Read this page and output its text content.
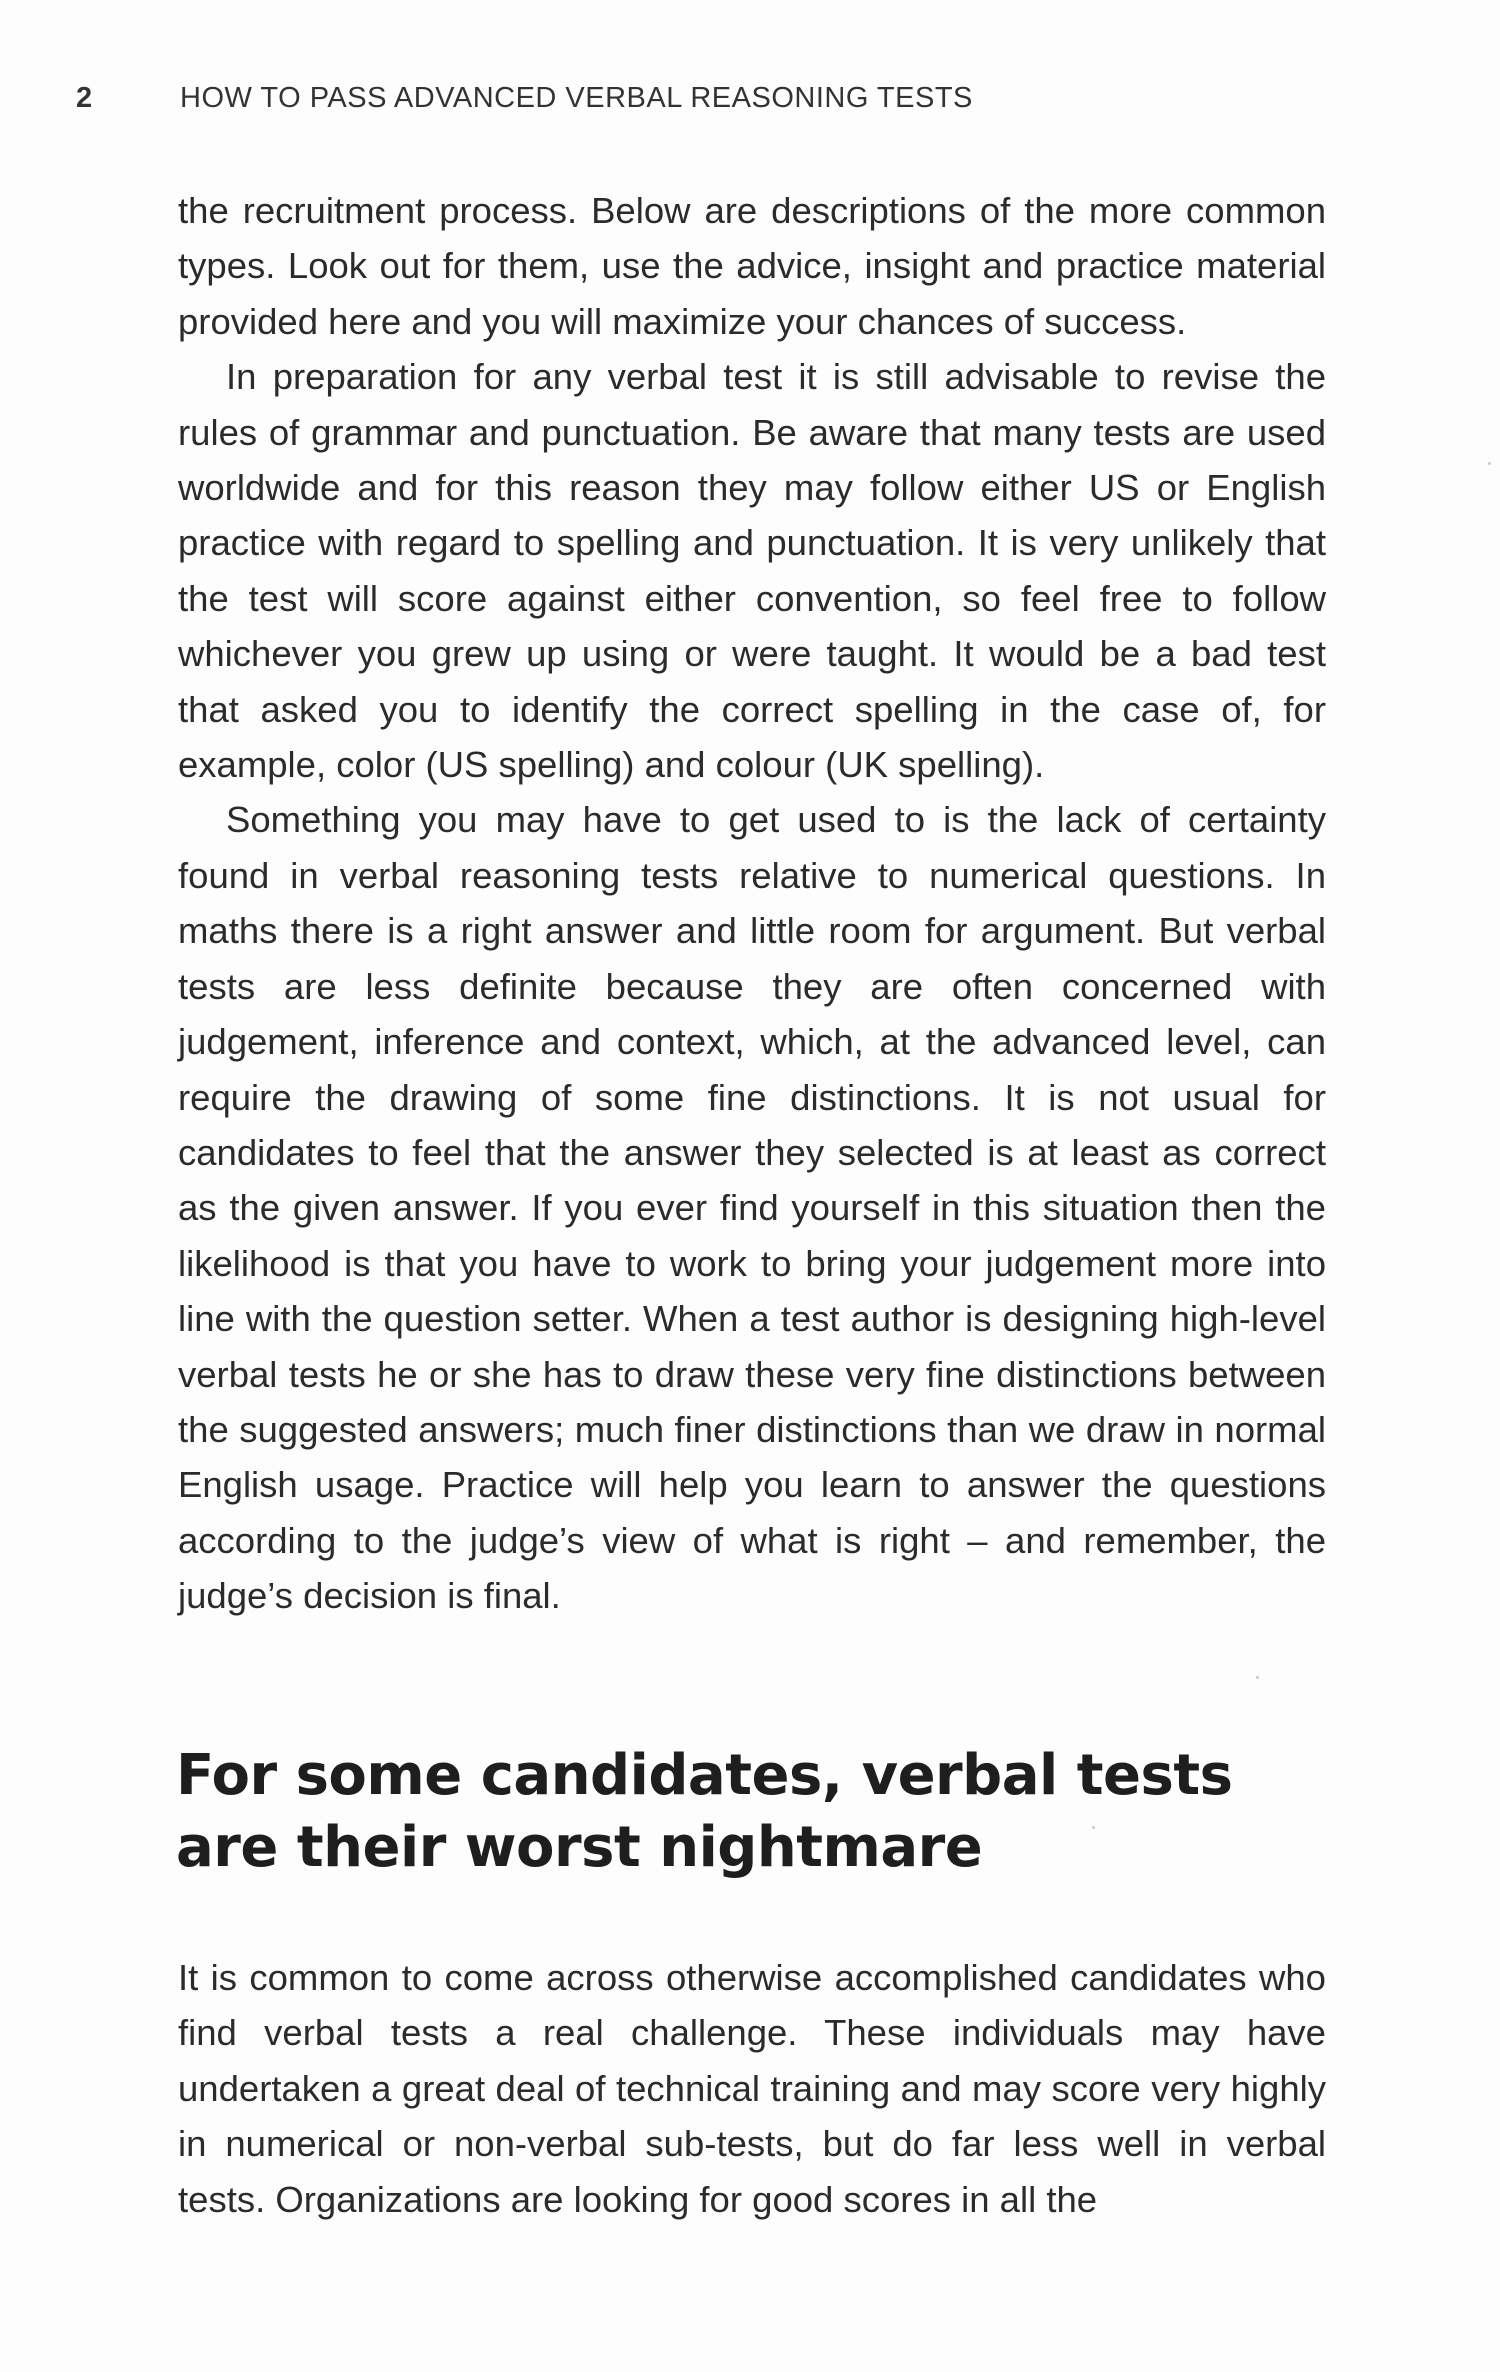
2	HOW TO PASS ADVANCED VERBAL REASONING TESTS

the recruitment process. Below are descriptions of the more common types. Look out for them, use the advice, insight and practice material provided here and you will maximize your chances of success.

In preparation for any verbal test it is still advisable to revise the rules of grammar and punctuation. Be aware that many tests are used worldwide and for this reason they may follow either US or English practice with regard to spelling and punctuation. It is very unlikely that the test will score against either convention, so feel free to follow whichever you grew up using or were taught. It would be a bad test that asked you to identify the correct spelling in the case of, for example, color (US spelling) and colour (UK spelling).

Something you may have to get used to is the lack of certainty found in verbal reasoning tests relative to numerical questions. In maths there is a right answer and little room for argument. But verbal tests are less definite because they are often concerned with judgement, inference and context, which, at the advanced level, can require the drawing of some fine distinctions. It is not usual for candidates to feel that the answer they selected is at least as correct as the given answer. If you ever find yourself in this situation then the likelihood is that you have to work to bring your judgement more into line with the question setter. When a test author is designing high-level verbal tests he or she has to draw these very fine distinctions between the suggested answers; much finer distinctions than we draw in normal English usage. Practice will help you learn to answer the questions according to the judge’s view of what is right – and remember, the judge’s decision is final.

For some candidates, verbal tests
are their worst nightmare

It is common to come across otherwise accomplished candidates who find verbal tests a real challenge. These individuals may have undertaken a great deal of technical training and may score very highly in numerical or non-verbal sub-tests, but do far less well in verbal tests. Organizations are looking for good scores in all the
